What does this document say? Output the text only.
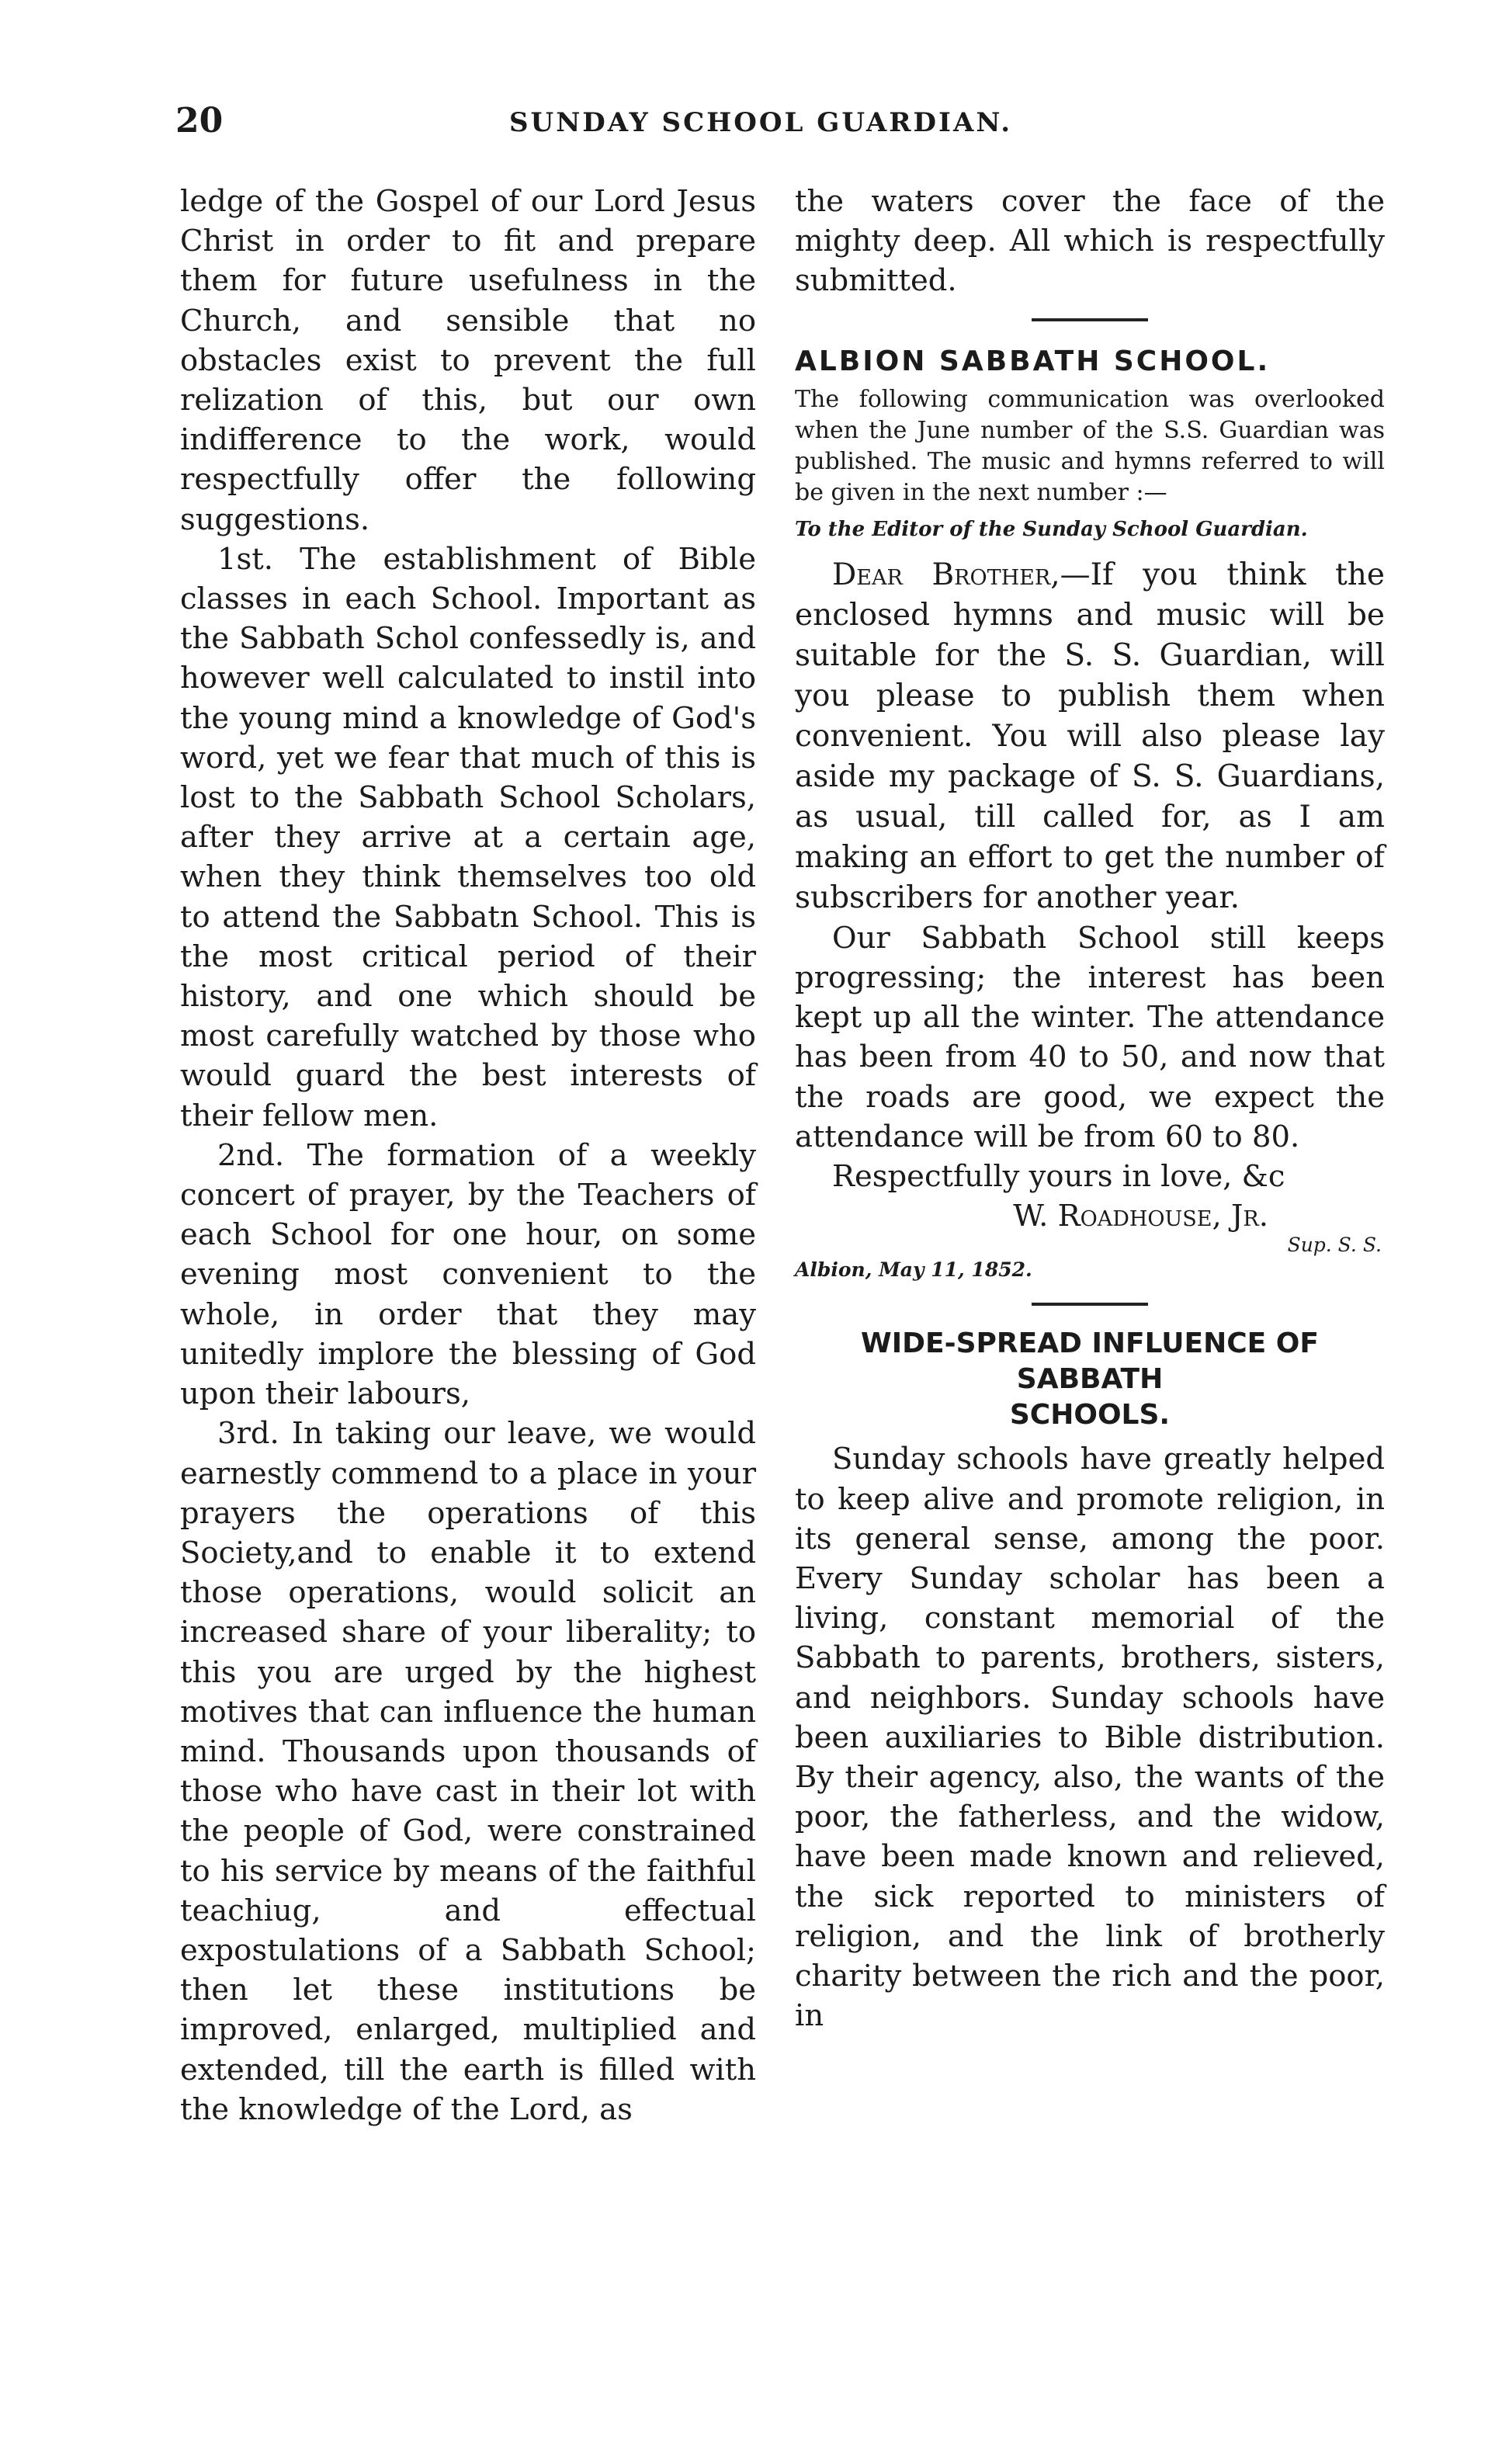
20	SUNDAY SCHOOL GUARDIAN.

ledge of the Gospel of our Lord Jesus Christ in order to fit and prepare them for future usefulness in the Church, and sensible that no obstacles exist to prevent the full relization of this, but our own indifference to the work, would respectfully offer the following suggestions.

1st. The establishment of Bible classes in each School. Important as the Sabbath Schol confessedly is, and however well calculated to instil into the young mind a knowledge of God's word, yet we fear that much of this is lost to the Sabbath School Scholars, after they arrive at a certain age, when they think themselves too old to attend the Sabbatn School. This is the most critical period of their history, and one which should be most carefully watched by those who would guard the best interests of their fellow men.

2nd. The formation of a weekly concert of prayer, by the Teachers of each School for one hour, on some evening most convenient to the whole, in order that they may unitedly implore the blessing of God upon their labours,

3rd. In taking our leave, we would earnestly commend to a place in your prayers the operations of this Society,and to enable it to extend those operations, would solicit an increased share of your liberality; to this you are urged by the highest motives that can influence the human mind. Thousands upon thousands of those who have cast in their lot with the people of God, were constrained to his service by means of the faithful teachiug, and effectual expostulations of a Sabbath School; then let these institutions be improved, enlarged, multiplied and extended, till the earth is filled with the knowledge of the Lord, as

the waters cover the face of the mighty deep. All which is respectfully submitted.

ALBION SABBATH SCHOOL.

The following communication was overlooked when the June number of the S.S. Guardian was published. The music and hymns referred to will be given in the next number :—

To the Editor of the Sunday School Guardian.

Dear Brother,—If you think the enclosed hymns and music will be suitable for the S. S. Guardian, will you please to publish them when convenient. You will also please lay aside my package of S. S. Guardians, as usual, till called for, as I am making an effort to get the number of subscribers for another year.

Our Sabbath School still keeps progressing; the interest has been kept up all the winter. The attendance has been from 40 to 50, and now that the roads are good, we expect the attendance will be from 60 to 80.

Respectfully yours in love, &c

W. Roadhouse, Jr.

Sup. S. S.

Albion, May 11, 1852.

WIDE-SPREAD INFLUENCE OF SABBATH
SCHOOLS.

Sunday schools have greatly helped to keep alive and promote religion, in its general sense, among the poor. Every Sunday scholar has been a living, constant memorial of the Sabbath to parents, brothers, sisters, and neighbors. Sunday schools have been auxiliaries to Bible distribution. By their agency, also, the wants of the poor, the fatherless, and the widow, have been made known and relieved, the sick reported to ministers of religion, and the link of brotherly charity between the rich and the poor, in
